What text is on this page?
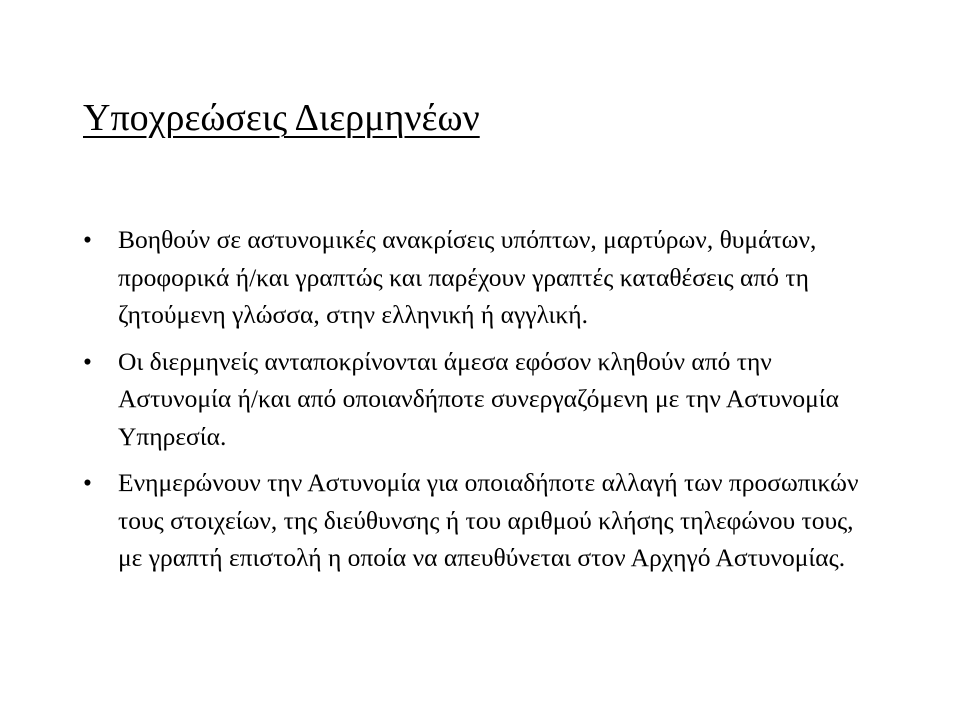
Υποχρεώσεις Διερμηνέων
• Βοηθούν σε αστυνομικές ανακρίσεις υπόπτων, μαρτύρων, θυμάτων, προφορικά ή/και γραπτώς και παρέχουν γραπτές καταθέσεις από τη ζητούμενη γλώσσα, στην ελληνική ή αγγλική.
• Οι διερμηνείς ανταποκρίνονται άμεσα εφόσον κληθούν από την Αστυνομία ή/και από οποιανδήποτε συνεργαζόμενη με την Αστυνομία Υπηρεσία.
• Ενημερώνουν την Αστυνομία για οποιαδήποτε αλλαγή των προσωπικών τους στοιχείων, της διεύθυνσης ή του αριθμού κλήσης τηλεφώνου τους, με γραπτή επιστολή η οποία να απευθύνεται στον Αρχηγό Αστυνομίας.
